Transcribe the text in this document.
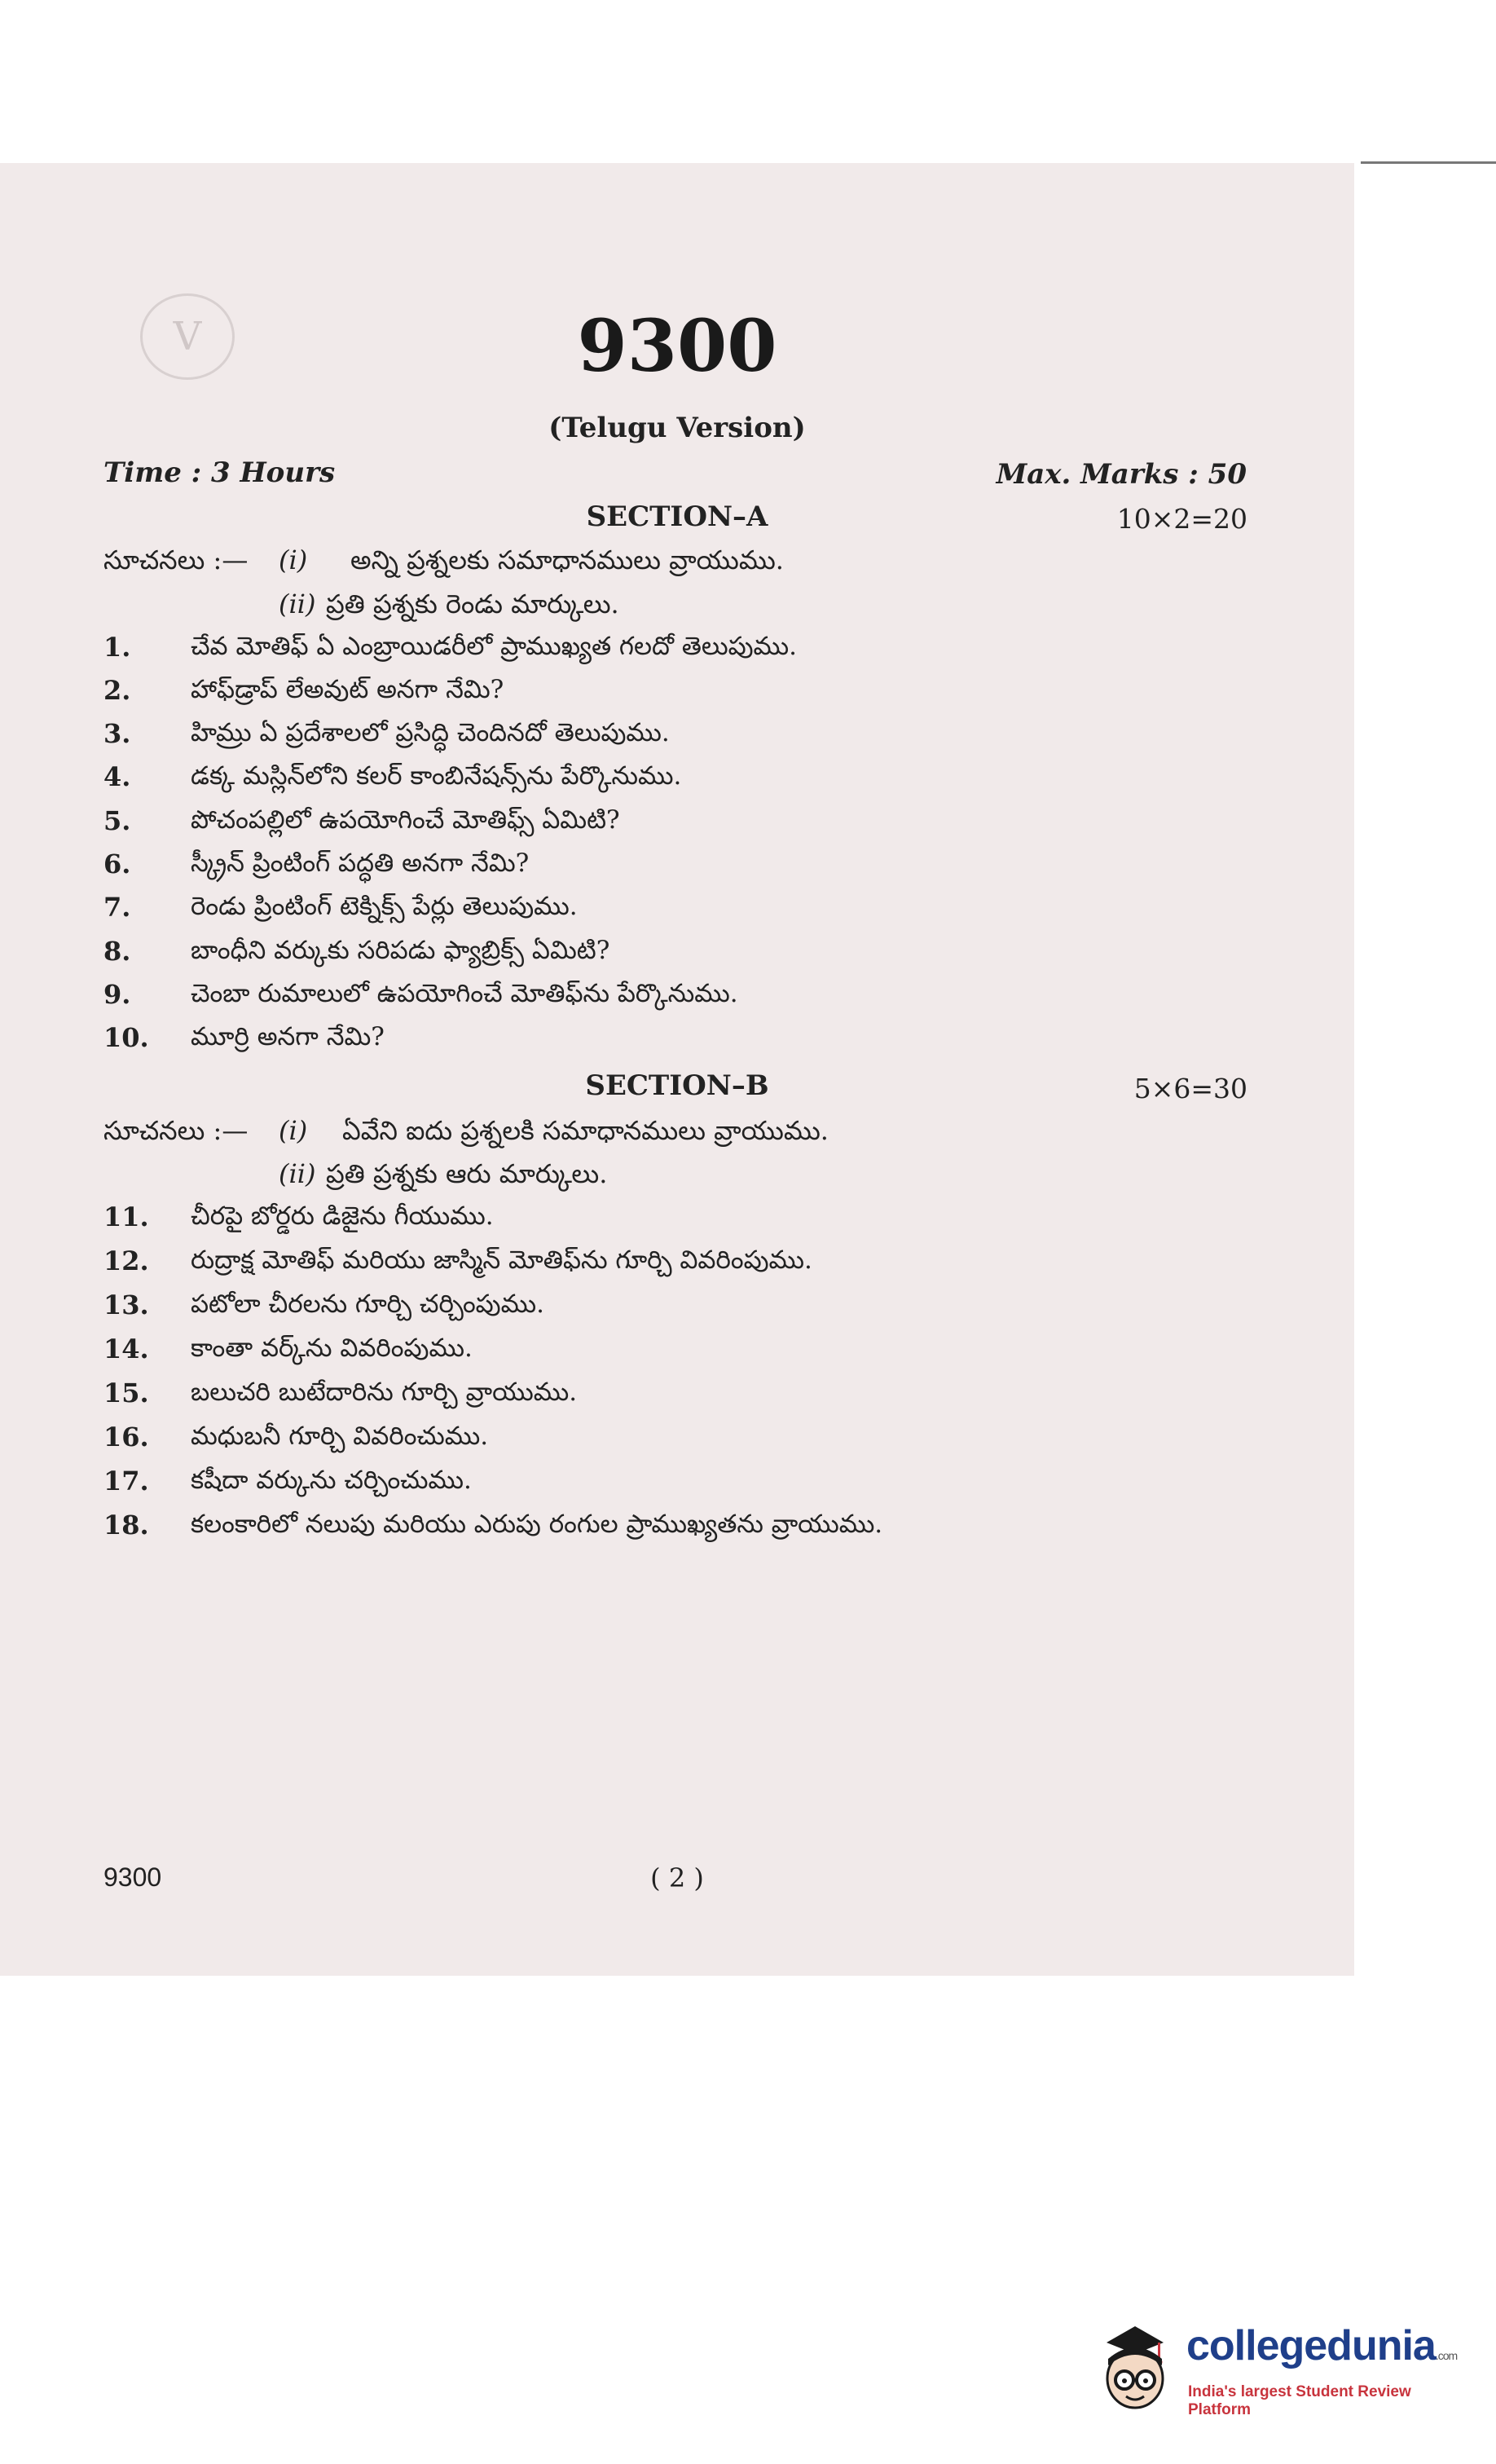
V	9300
(Telugu Version)
Time : 3 Hours	Max. Marks : 50
SECTION–A	10×2=20
సూచనలు :— (i) అన్ని ప్రశ్నలకు సమాధానములు వ్రాయుము.
(ii) ప్రతి ప్రశ్నకు రెండు మార్కులు.
1. చేవ మోతిఫ్ ఏ ఎంబ్రాయిడరీలో ప్రాముఖ్యత గలదో తెలుపుము.
2. హాఫ్‌డ్రాప్ లేఅవుట్ అనగా నేమి?
3. హిమ్రు ఏ ప్రదేశాలలో ప్రసిద్ధి చెందినదో తెలుపుము.
4. డక్క మస్లిన్‌లోని కలర్ కాంబినేషన్స్‌ను పేర్కొనుము.
5. పోచంపల్లిలో ఉపయోగించే మోతిఫ్స్ ఏమిటి?
6. స్క్రీన్ ప్రింటింగ్ పద్ధతి అనగా నేమి?
7. రెండు ప్రింటింగ్ టెక్నిక్స్ పేర్లు తెలుపుము.
8. బాంధీని వర్కుకు సరిపడు ఫ్యాబ్రిక్స్ ఏమిటి?
9. చెంబా రుమాలులో ఉపయోగించే మోతిఫ్‌ను పేర్కొనుము.
10. మూర్రి అనగా నేమి?
SECTION–B	5×6=30
సూచనలు :— (i) ఏవేని ఐదు ప్రశ్నలకి సమాధానములు వ్రాయుము.
(ii) ప్రతి ప్రశ్నకు ఆరు మార్కులు.
11. చీరపై బోర్డరు డిజైను గీయుము.
12. రుద్రాక్ష మోతిఫ్ మరియు జాస్మిన్ మోతిఫ్‌ను గూర్చి వివరింపుము.
13. పటోలా చీరలను గూర్చి చర్చింపుము.
14. కాంతా వర్క్‌ను వివరింపుము.
15. బలుచరి బుటేదారిను గూర్చి వ్రాయుము.
16. మధుబనీ గూర్చి వివరించుము.
17. కషీదా వర్కును చర్చించుము.
18. కలంకారిలో నలుపు మరియు ఎరుపు రంగుల ప్రాముఖ్యతను వ్రాయుము.
9300	( 2 )
collegedunia.com
India's largest Student Review Platform
